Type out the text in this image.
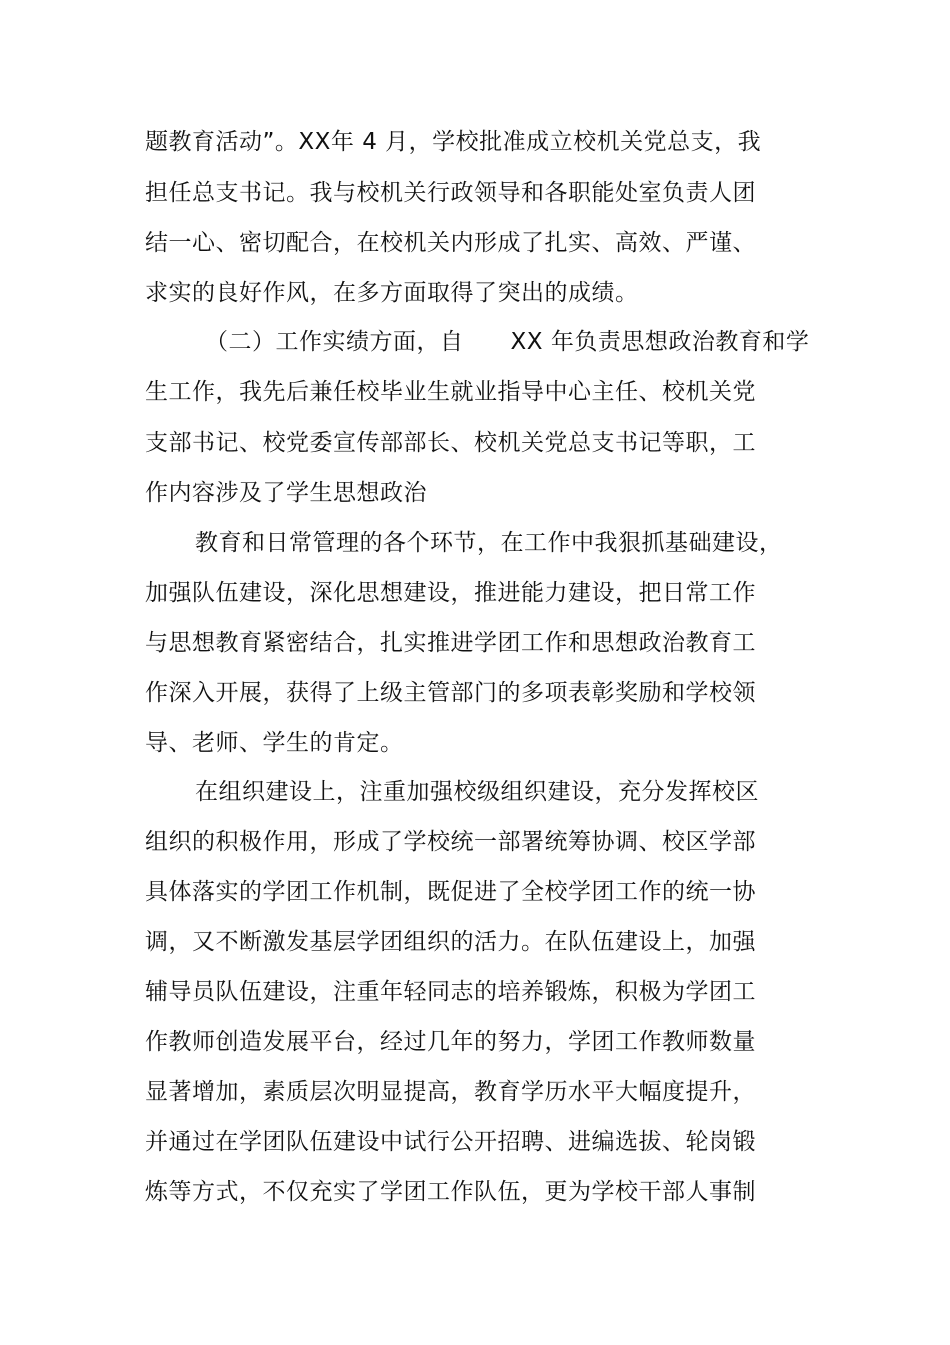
题教育活动”。XX年 4 月，学校批准成立校机关党总支，我
担任总支书记。我与校机关行政领导和各职能处室负责人团
结一心、密切配合，在校机关内形成了扎实、高效、严谨、
求实的良好作风，在多方面取得了突出的成绩。
（二）工作实绩方面，自　　XX 年负责思想政治教育和学
生工作，我先后兼任校毕业生就业指导中心主任、校机关党
支部书记、校党委宣传部部长、校机关党总支书记等职，工
作内容涉及了学生思想政治
教育和日常管理的各个环节，在工作中我狠抓基础建设，
加强队伍建设，深化思想建设，推进能力建设，把日常工作
与思想教育紧密结合，扎实推进学团工作和思想政治教育工
作深入开展，获得了上级主管部门的多项表彰奖励和学校领
导、老师、学生的肯定。
在组织建设上，注重加强校级组织建设，充分发挥校区
组织的积极作用，形成了学校统一部署统筹协调、校区学部
具体落实的学团工作机制，既促进了全校学团工作的统一协
调，又不断激发基层学团组织的活力。在队伍建设上，加强
辅导员队伍建设，注重年轻同志的培养锻炼，积极为学团工
作教师创造发展平台，经过几年的努力，学团工作教师数量
显著增加，素质层次明显提高，教育学历水平大幅度提升，
并通过在学团队伍建设中试行公开招聘、进编选拔、轮岗锻
炼等方式，不仅充实了学团工作队伍，更为学校干部人事制
